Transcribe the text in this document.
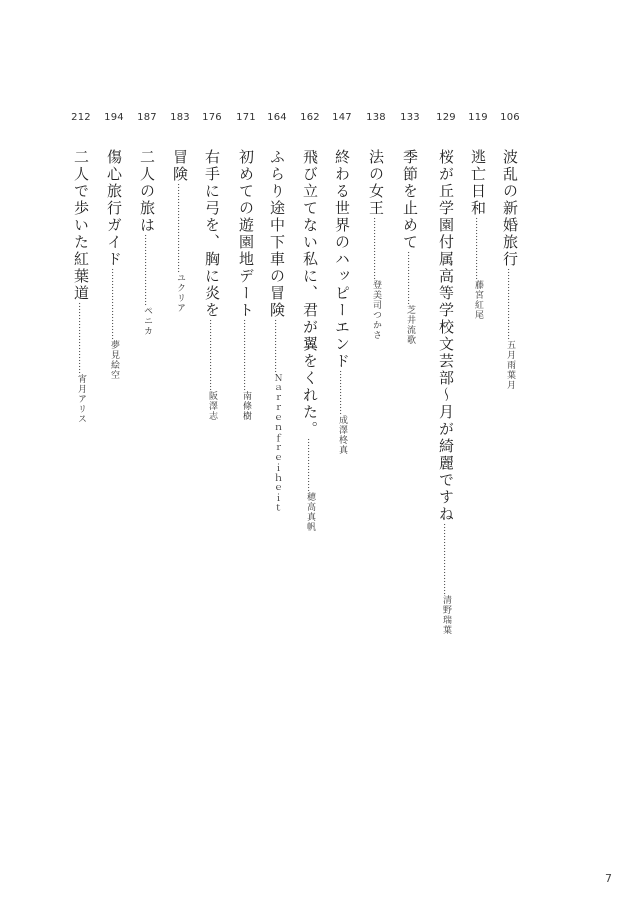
106
波乱の新婚旅行……………………五月雨葉月
119
逃亡日和…………………藤宮紅尾
129
桜が丘学園付属高等学校文芸部〜月が綺麗ですね……………………清野瑞葉
133
季節を止めて………………芝井流歌
138
法の女王…………………登美司つかさ
147
終わる世界のハッピーエンド……………成澤柊真
162
飛び立てない私に、君が翼をくれた。………………穂高真帆
164
ふらり途中下車の冒険………………Ｎａｒｒｅｎｆｒｅｉｈｅｉｔ
171
初めての遊園地デート……………………南條樹
176
右手に弓を、胸に炎を……………………阪澤志
183
冒険…………………………ユクリア
187
二人の旅は……………………ペニカ
194
傷心旅行ガイド……………………夢見絵空
212
二人で歩いた紅葉道……………………宵月アリス
7
